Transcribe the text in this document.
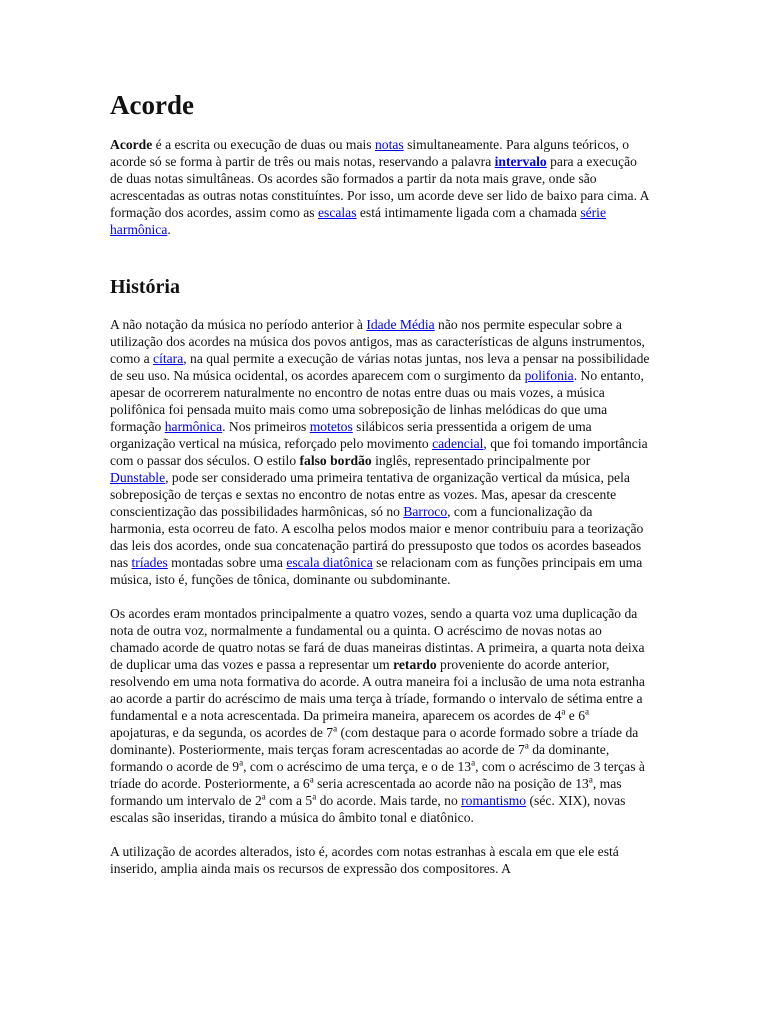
Acorde

Acorde é a escrita ou execução de duas ou mais notas simultaneamente. Para alguns teóricos, o acorde só se forma à partir de três ou mais notas, reservando a palavra intervalo para a execução de duas notas simultâneas. Os acordes são formados a partir da nota mais grave, onde são acrescentadas as outras notas constituíntes. Por isso, um acorde deve ser lido de baixo para cima. A formação dos acordes, assim como as escalas está intimamente ligada com a chamada série harmônica.

História

A não notação da música no período anterior à Idade Média não nos permite especular sobre a utilização dos acordes na música dos povos antigos, mas as características de alguns instrumentos, como a cítara, na qual permite a execução de várias notas juntas, nos leva a pensar na possibilidade de seu uso. Na música ocidental, os acordes aparecem com o surgimento da polifonia. No entanto, apesar de ocorrerem naturalmente no encontro de notas entre duas ou mais vozes, a música polifônica foi pensada muito mais como uma sobreposição de linhas melódicas do que uma formação harmônica. Nos primeiros motetos silábicos seria pressentida a origem de uma organização vertical na música, reforçado pelo movimento cadencial, que foi tomando importância com o passar dos séculos. O estilo falso bordão inglês, representado principalmente por Dunstable, pode ser considerado uma primeira tentativa de organização vertical da música, pela sobreposição de terças e sextas no encontro de notas entre as vozes. Mas, apesar da crescente conscientização das possibilidades harmônicas, só no Barroco, com a funcionalização da harmonia, esta ocorreu de fato. A escolha pelos modos maior e menor contribuiu para a teorização das leis dos acordes, onde sua concatenação partirá do pressuposto que todos os acordes baseados nas tríades montadas sobre uma escala diatônica se relacionam com as funções principais em uma música, isto é, funções de tônica, dominante ou subdominante.

Os acordes eram montados principalmente a quatro vozes, sendo a quarta voz uma duplicação da nota de outra voz, normalmente a fundamental ou a quinta. O acréscimo de novas notas ao chamado acorde de quatro notas se fará de duas maneiras distintas. A primeira, a quarta nota deixa de duplicar uma das vozes e passa a representar um retardo proveniente do acorde anterior, resolvendo em uma nota formativa do acorde. A outra maneira foi a inclusão de uma nota estranha ao acorde a partir do acréscimo de mais uma terça à tríade, formando o intervalo de sétima entre a fundamental e a nota acrescentada. Da primeira maneira, aparecem os acordes de 4$^a$ e 6$^a$ apojaturas, e da segunda, os acordes de 7$^a$ (com destaque para o acorde formado sobre a tríade da dominante). Posteriormente, mais terças foram acrescentadas ao acorde de 7$^a$ da dominante, formando o acorde de 9$^a$, com o acréscimo de uma terça, e o de 13$^a$, com o acréscimo de 3 terças à tríade do acorde. Posteriormente, a 6$^a$ seria acrescentada ao acorde não na posição de 13$^a$, mas formando um intervalo de 2$^a$ com a 5$^a$ do acorde. Mais tarde, no romantismo (séc. XIX), novas escalas são inseridas, tirando a música do âmbito tonal e diatônico.

A utilização de acordes alterados, isto é, acordes com notas estranhas à escala em que ele está inserido, amplia ainda mais os recursos de expressão dos compositores. A
